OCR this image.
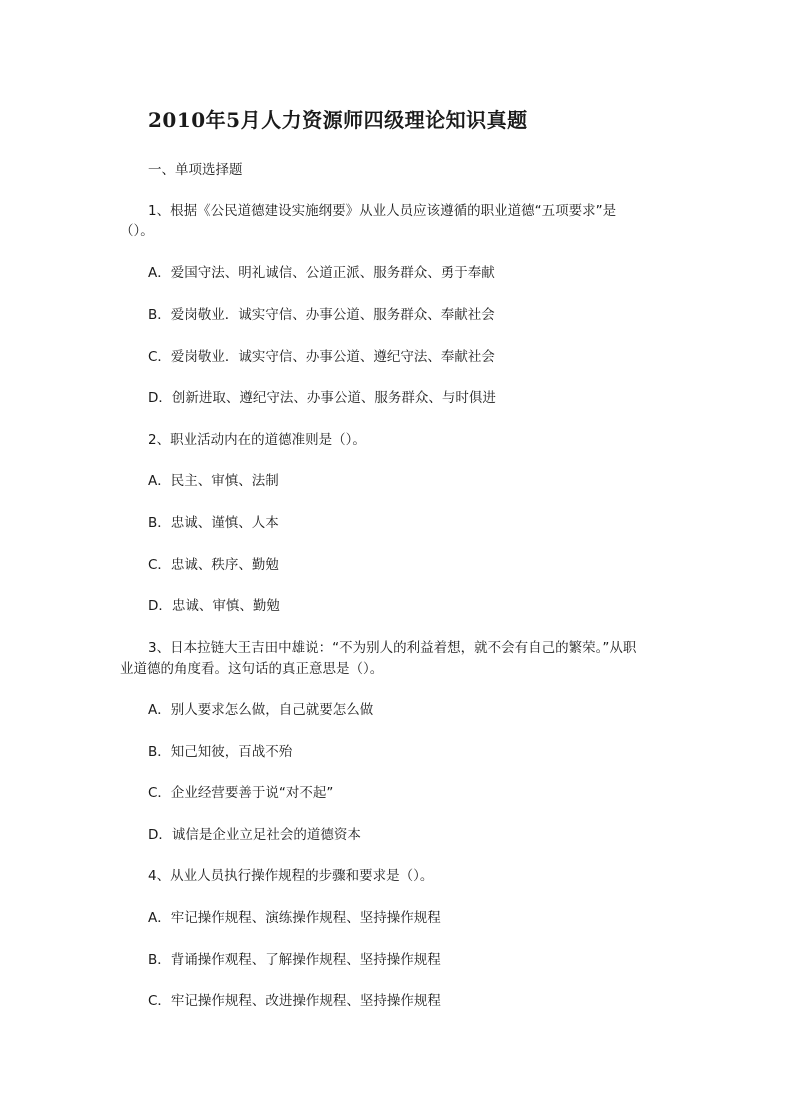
2010年5月人力资源师四级理论知识真题
一、单项选择题
1、根据《公民道德建设实施纲要》从业人员应该遵循的职业道德“五项要求”是
（）。
A．爱国守法、明礼诚信、公道正派、服务群众、勇于奉献
B．爱岗敬业．诚实守信、办事公道、服务群众、奉献社会
C．爱岗敬业．诚实守信、办事公道、遵纪守法、奉献社会
D．创新进取、遵纪守法、办事公道、服务群众、与时俱进
2、职业活动内在的道德准则是（）。
A．民主、审慎、法制
B．忠诚、谨慎、人本
C．忠诚、秩序、勤勉
D．忠诚、审慎、勤勉
3、日本拉链大王吉田中雄说：“不为别人的利益着想，就不会有自己的繁荣。”从职
业道德的角度看。这句话的真正意思是（）。
A．别人要求怎么做，自己就要怎么做
B．知己知彼，百战不殆
C．企业经营要善于说“对不起”
D．诚信是企业立足社会的道德资本
4、从业人员执行操作规程的步骤和要求是（）。
A．牢记操作规程、演练操作规程、坚持操作规程
B．背诵操作观程、了解操作规程、坚持操作规程
C．牢记操作规程、改进操作规程、坚持操作规程
